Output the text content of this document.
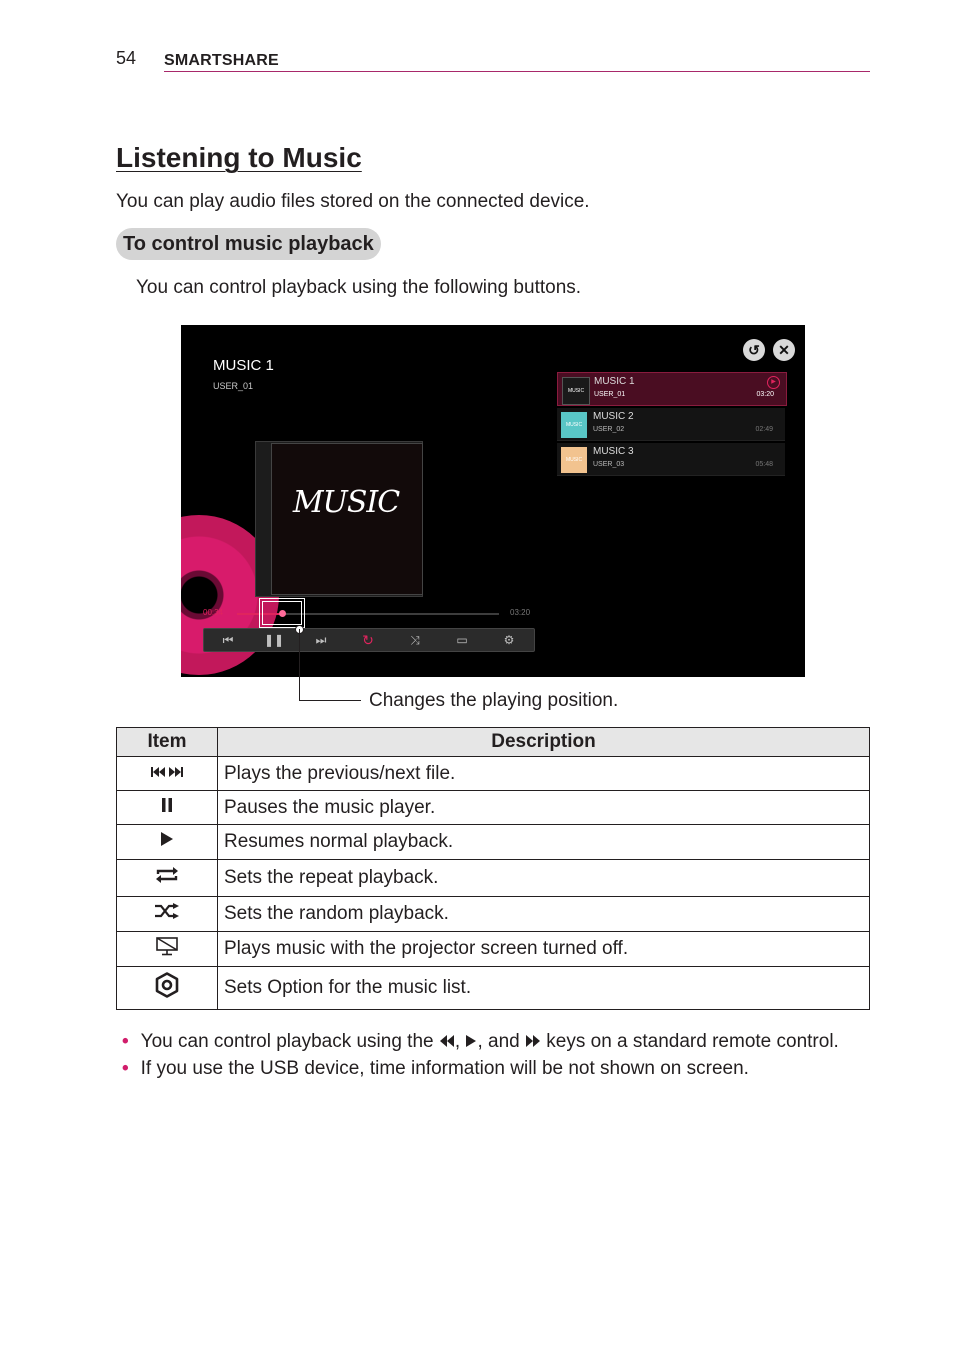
54 SMARTSHARE
Listening to Music
You can play audio files stored on the connected device.
To control music playback
You can control playback using the following buttons.
MUSIC 1
USER_01
MUSIC
00:34	03:20
⏮	❚❚	⏭	↻	⤨	▭	⚙
↺	✕
MUSIC
MUSIC 1
USER_01	03:20
▶
MUSIC
MUSIC 2
USER_02	02:49
MUSIC
MUSIC 3
USER_03	05:48
Changes the playing position.
Item	Description
	Plays the previous/next file.
	Pauses the music player.
	Resumes normal playback.
	Sets the repeat playback.
	Sets the random playback.
	Plays music with the projector screen turned off.
	Sets Option for the music list.
• You can control playback using the , , and keys on a standard remote control.
• If you use the USB device, time information will be not shown on screen.
